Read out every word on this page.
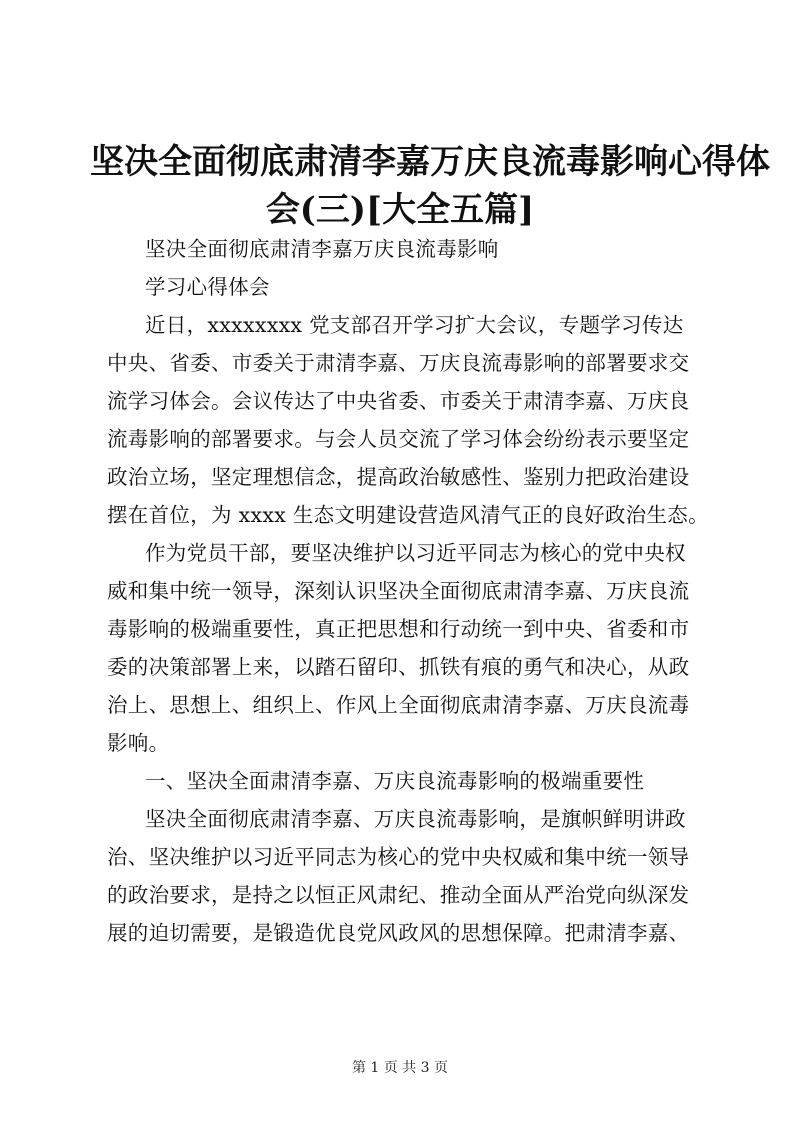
坚决全面彻底肃清李嘉万庆良流毒影响心得体
会(三)[大全五篇]

坚决全面彻底肃清李嘉万庆良流毒影响

学习心得体会

近日，xxxxxxxx 党支部召开学习扩大会议，专题学习传达
中央、省委、市委关于肃清李嘉、万庆良流毒影响的部署要求交
流学习体会。会议传达了中央省委、市委关于肃清李嘉、万庆良
流毒影响的部署要求。与会人员交流了学习体会纷纷表示要坚定
政治立场，坚定理想信念，提高政治敏感性、鉴别力把政治建设
摆在首位，为 xxxx 生态文明建设营造风清气正的良好政治生态。

作为党员干部，要坚决维护以习近平同志为核心的党中央权
威和集中统一领导，深刻认识坚决全面彻底肃清李嘉、万庆良流
毒影响的极端重要性，真正把思想和行动统一到中央、省委和市
委的决策部署上来，以踏石留印、抓铁有痕的勇气和决心，从政
治上、思想上、组织上、作风上全面彻底肃清李嘉、万庆良流毒
影响。

一、坚决全面肃清李嘉、万庆良流毒影响的极端重要性

坚决全面彻底肃清李嘉、万庆良流毒影响，是旗帜鲜明讲政
治、坚决维护以习近平同志为核心的党中央权威和集中统一领导
的政治要求，是持之以恒正风肃纪、推动全面从严治党向纵深发
展的迫切需要，是锻造优良党风政风的思想保障。把肃清李嘉、

第 1 页 共 3 页
